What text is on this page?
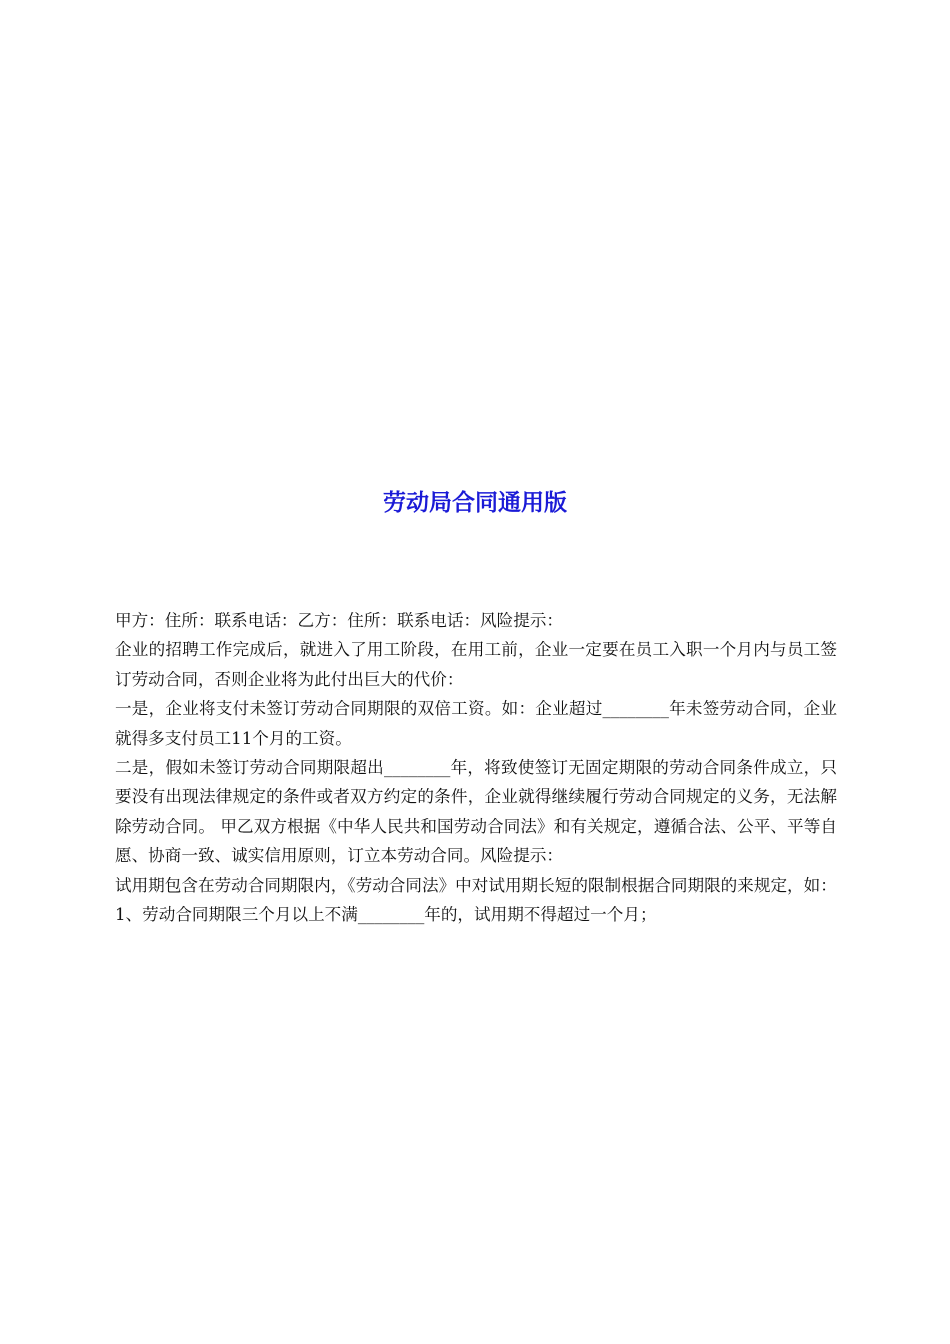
劳动局合同通用版

甲方：住所：联系电话：乙方：住所：联系电话：风险提示：

企业的招聘工作完成后，就进入了用工阶段，在用工前，企业一定要在员工入职一个月内与员工签订劳动合同，否则企业将为此付出巨大的代价：

一是，企业将支付未签订劳动合同期限的双倍工资。如：企业超过________年未签劳动合同，企业就得多支付员工11个月的工资。

二是，假如未签订劳动合同期限超出________年，将致使签订无固定期限的劳动合同条件成立，只要没有出现法律规定的条件或者双方约定的条件，企业就得继续履行劳动合同规定的义务，无法解除劳动合同。 甲乙双方根据《中华人民共和国劳动合同法》和有关规定，遵循合法、公平、平等自愿、协商一致、诚实信用原则，订立本劳动合同。风险提示：

试用期包含在劳动合同期限内，《劳动合同法》中对试用期长短的限制根据合同期限的来规定，如：

1、劳动合同期限三个月以上不满________年的，试用期不得超过一个月；
